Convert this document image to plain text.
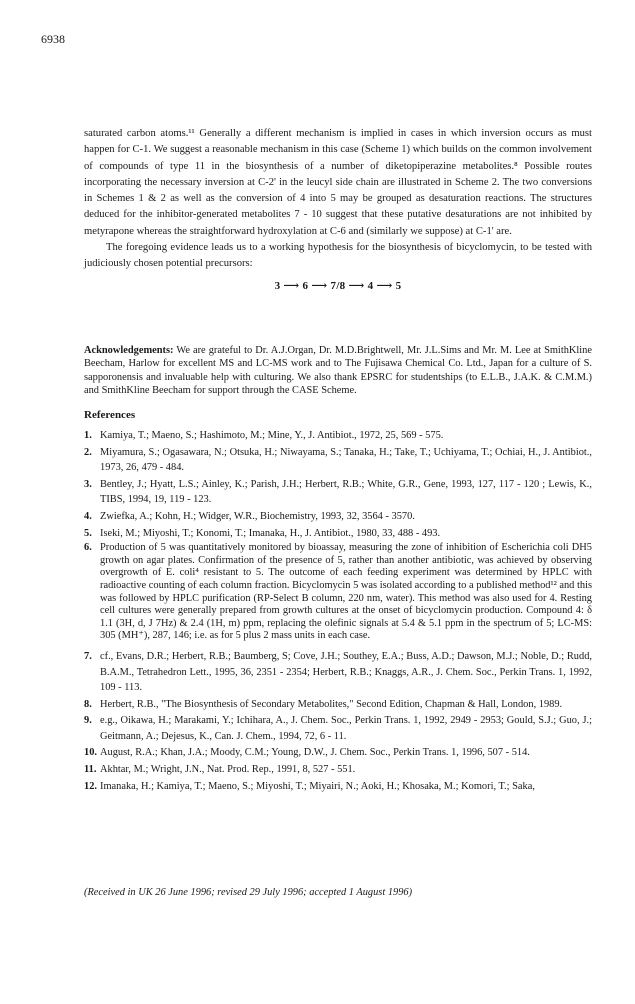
6938

saturated carbon atoms.¹¹ Generally a different mechanism is implied in cases in which inversion occurs as must happen for C-1. We suggest a reasonable mechanism in this case (Scheme 1) which builds on the common involvement of compounds of type 11 in the biosynthesis of a number of diketopiperazine metabolites.⁸ Possible routes incorporating the necessary inversion at C-2' in the leucyl side chain are illustrated in Scheme 2. The two conversions in Schemes 1 & 2 as well as the conversion of 4 into 5 may be grouped as desaturation reactions. The structures deduced for the inhibitor-generated metabolites 7 - 10 suggest that these putative desaturations are not inhibited by metyrapone whereas the straightforward hydroxylation at C-6 and (similarly we suppose) at C-1' are.

The foregoing evidence leads us to a working hypothesis for the biosynthesis of bicyclomycin, to be tested with judiciously chosen potential precursors:

3 ⟶ 6 ⟶ 7/8 ⟶ 4 ⟶ 5
Acknowledgements: We are grateful to Dr. A.J.Organ, Dr. M.D.Brightwell, Mr. J.L.Sims and Mr. M. Lee at SmithKline Beecham, Harlow for excellent MS and LC-MS work and to The Fujisawa Chemical Co. Ltd., Japan for a culture of S. sapporonensis and invaluable help with culturing. We also thank EPSRC for studentships (to E.L.B., J.A.K. & C.M.M.) and SmithKline Beecham for support through the CASE Scheme.
References
1. Kamiya, T.; Maeno, S.; Hashimoto, M.; Mine, Y., J. Antibiot., 1972, 25, 569 - 575.
2. Miyamura, S.; Ogasawara, N.; Otsuka, H.; Niwayama, S.; Tanaka, H.; Take, T.; Uchiyama, T.; Ochiai, H., J. Antibiot., 1973, 26, 479 - 484.
3. Bentley, J.; Hyatt, L.S.; Ainley, K.; Parish, J.H.; Herbert, R.B.; White, G.R., Gene, 1993, 127, 117 - 120 ; Lewis, K., TIBS, 1994, 19, 119 - 123.
4. Zwiefka, A.; Kohn, H.; Widger, W.R., Biochemistry, 1993, 32, 3564 - 3570.
5. Iseki, M.; Miyoshi, T.; Konomi, T.; Imanaka, H., J. Antibiot., 1980, 33, 488 - 493.
6. Production of 5 was quantitatively monitored by bioassay, measuring the zone of inhibition of Escherichia coli DH5 growth on agar plates. Confirmation of the presence of 5, rather than another antibiotic, was achieved by observing overgrowth of E. coli⁴ resistant to 5. The outcome of each feeding experiment was determined by HPLC with radioactive counting of each column fraction. Bicyclomycin 5 was isolated according to a published method¹² and this was followed by HPLC purification (RP-Select B column, 220 nm, water). This method was also used for 4. Resting cell cultures were generally prepared from growth cultures at the onset of bicyclomycin production. Compound 4: δ 1.1 (3H, d, J 7Hz) & 2.4 (1H, m) ppm, replacing the olefinic signals at 5.4 & 5.1 ppm in the spectrum of 5; LC-MS: 305 (MH⁺), 287, 146; i.e. as for 5 plus 2 mass units in each case.
7. cf., Evans, D.R.; Herbert, R.B.; Baumberg, S; Cove, J.H.; Southey, E.A.; Buss, A.D.; Dawson, M.J.; Noble, D.; Rudd, B.A.M., Tetrahedron Lett., 1995, 36, 2351 - 2354; Herbert, R.B.; Knaggs, A.R., J. Chem. Soc., Perkin Trans. 1, 1992, 109 - 113.
8. Herbert, R.B., "The Biosynthesis of Secondary Metabolites," Second Edition, Chapman & Hall, London, 1989.
9. e.g., Oikawa, H.; Marakami, Y.; Ichihara, A., J. Chem. Soc., Perkin Trans. 1, 1992, 2949 - 2953; Gould, S.J.; Guo, J.; Geitmann, A.; Dejesus, K., Can. J. Chem., 1994, 72, 6 - 11.
10. August, R.A.; Khan, J.A.; Moody, C.M.; Young, D.W., J. Chem. Soc., Perkin Trans. 1, 1996, 507 - 514.
11. Akhtar, M.; Wright, J.N., Nat. Prod. Rep., 1991, 8, 527 - 551.
12. Imanaka, H.; Kamiya, T.; Maeno, S.; Miyoshi, T.; Miyairi, N.; Aoki, H.; Khosaka, M.; Komori, T.; Saka,
(Received in UK 26 June 1996; revised 29 July 1996; accepted 1 August 1996)
